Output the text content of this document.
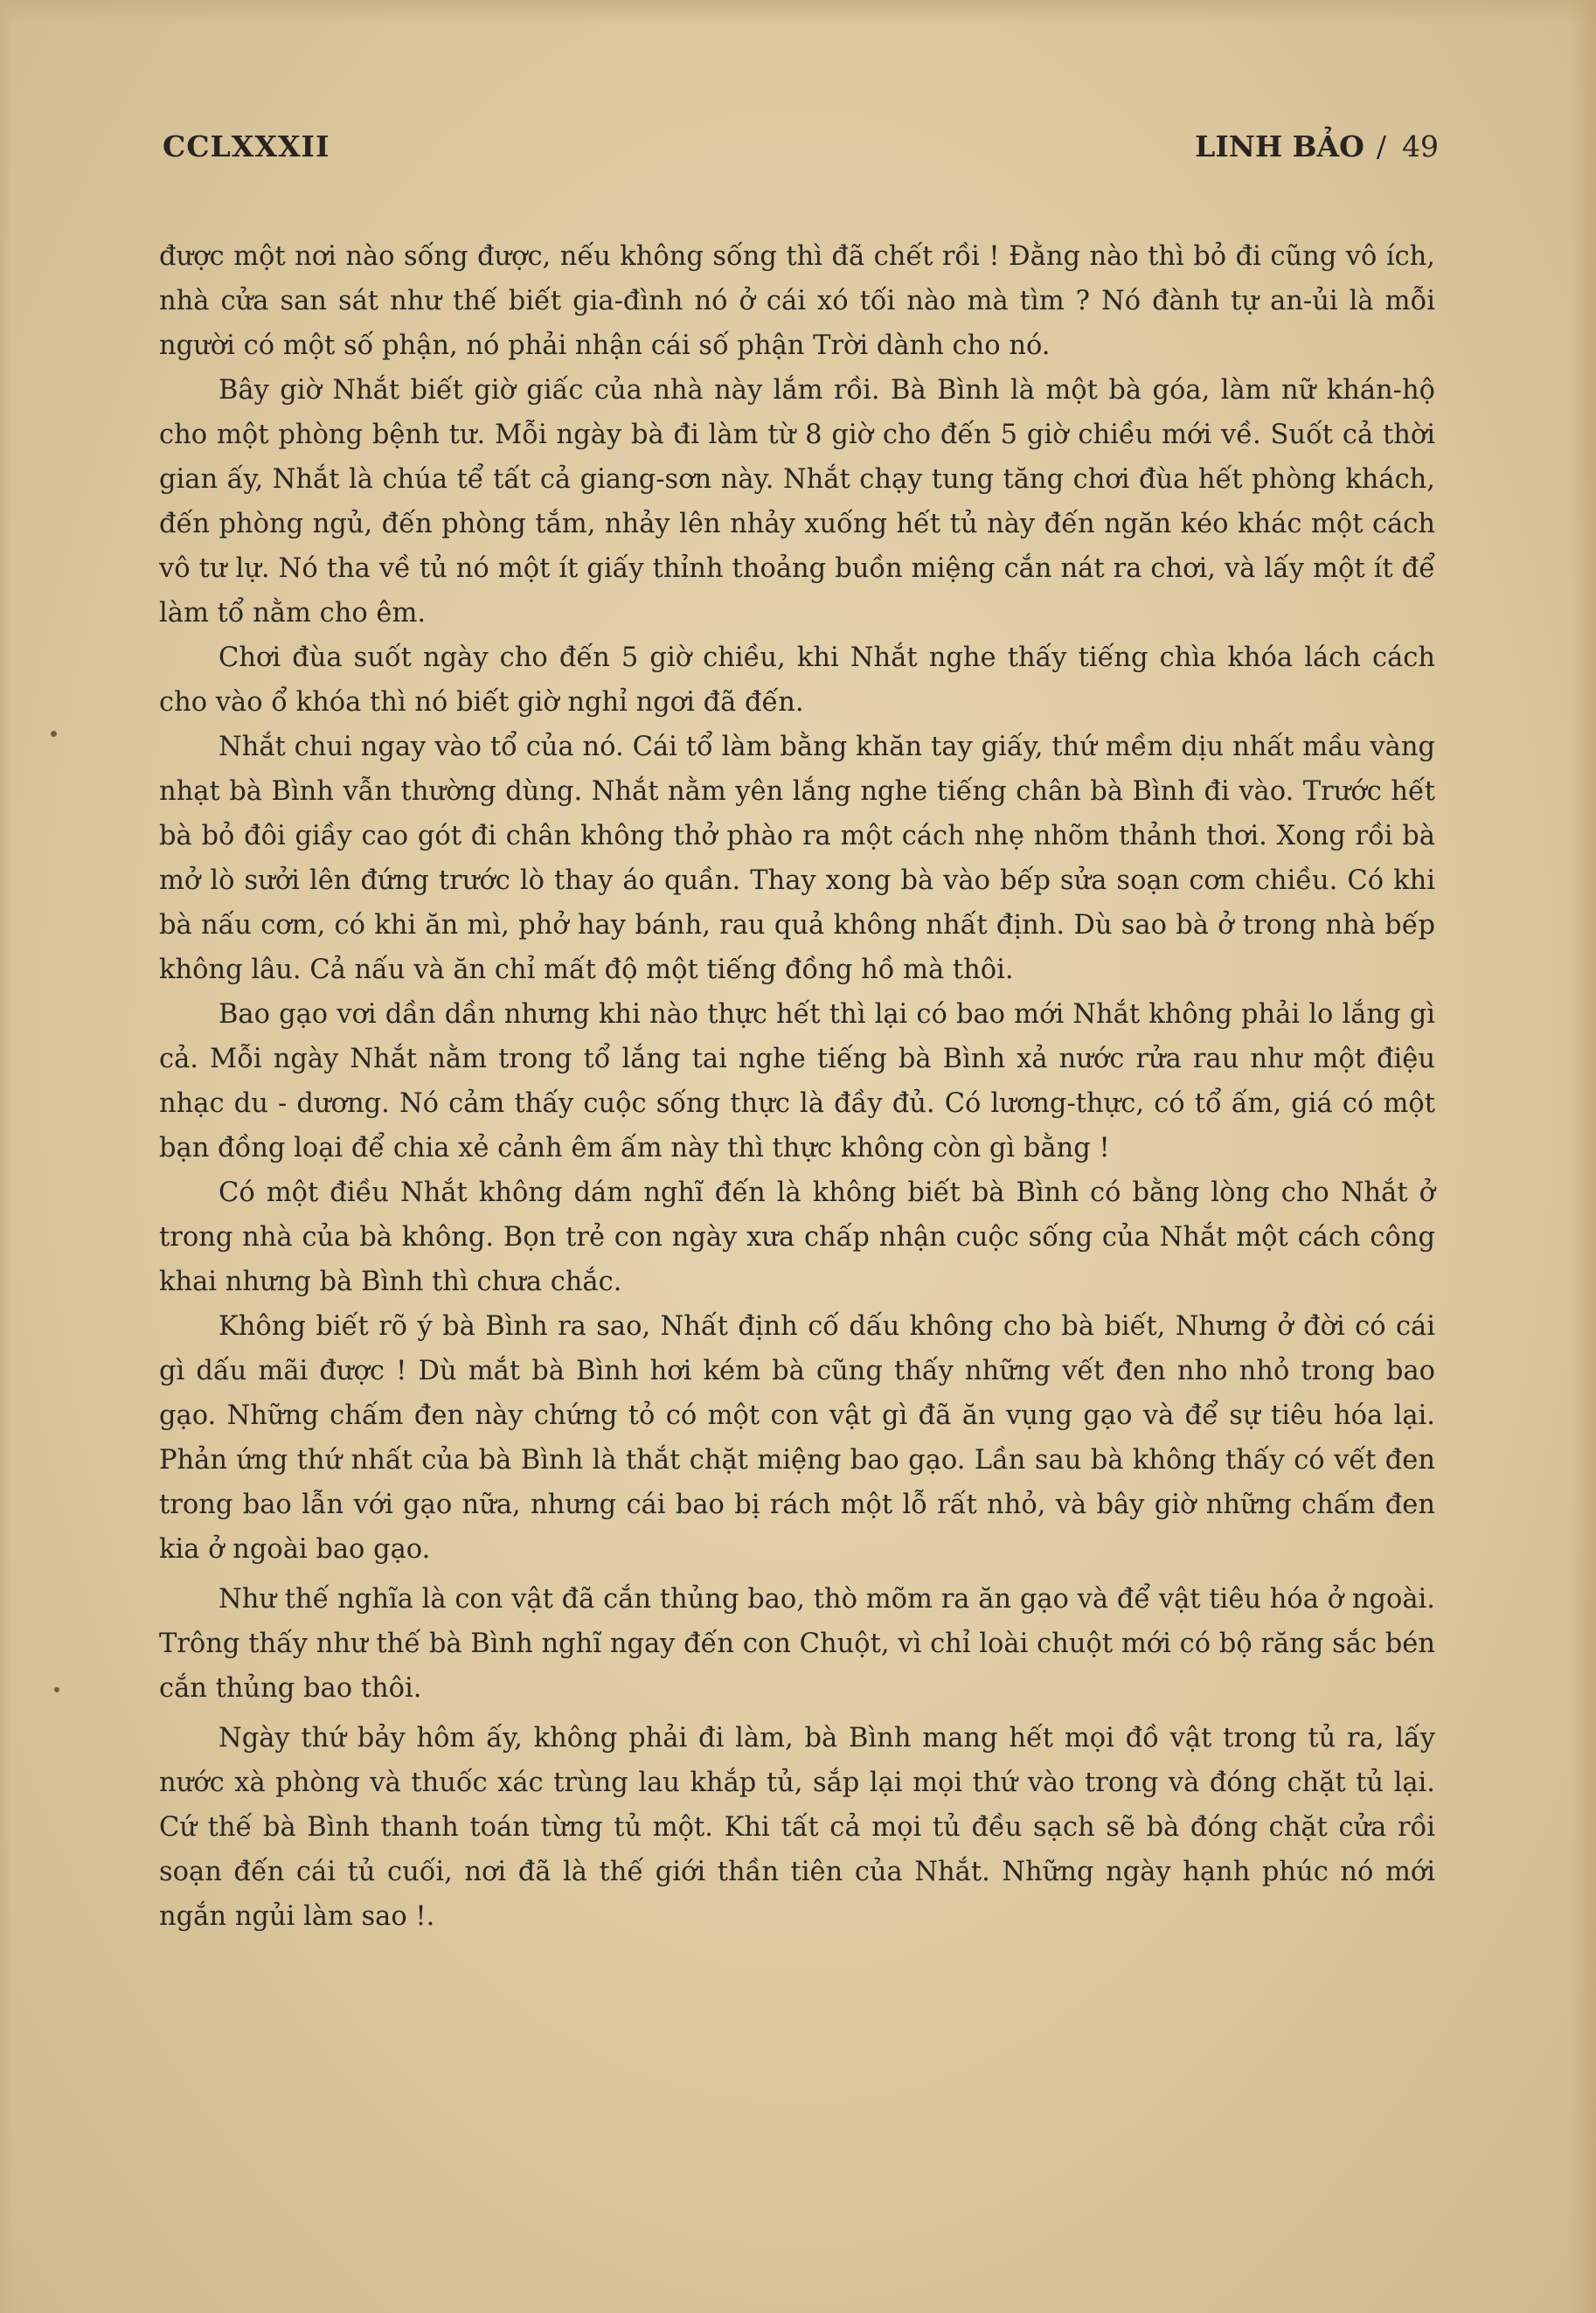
CCLXXXII	LINH BẢO / 49

được một nơi nào sống được, nếu không sống thì đã chết rồi ! Đằng nào thì bỏ đi cũng vô ích, nhà cửa san sát như thế biết gia-đình nó ở cái xó tối nào mà tìm ? Nó đành tự an-ủi là mỗi người có một số phận, nó phải nhận cái số phận Trời dành cho nó.

Bây giờ Nhắt biết giờ giấc của nhà này lắm rồi. Bà Bình là một bà góa, làm nữ khán-hộ cho một phòng bệnh tư. Mỗi ngày bà đi làm từ 8 giờ cho đến 5 giờ chiều mới về. Suốt cả thời gian ấy, Nhắt là chúa tể tất cả giang-sơn này. Nhắt chạy tung tăng chơi đùa hết phòng khách, đến phòng ngủ, đến phòng tắm, nhảy lên nhảy xuống hết tủ này đến ngăn kéo khác một cách vô tư lự. Nó tha về tủ nó một ít giấy thỉnh thoảng buồn miệng cắn nát ra chơi, và lấy một ít để làm tổ nằm cho êm.

Chơi đùa suốt ngày cho đến 5 giờ chiều, khi Nhắt nghe thấy tiếng chìa khóa lách cách cho vào ổ khóa thì nó biết giờ nghỉ ngơi đã đến.

Nhắt chui ngay vào tổ của nó. Cái tổ làm bằng khăn tay giấy, thứ mềm dịu nhất mầu vàng nhạt bà Bình vẫn thường dùng. Nhắt nằm yên lắng nghe tiếng chân bà Bình đi vào. Trước hết bà bỏ đôi giầy cao gót đi chân không thở phào ra một cách nhẹ nhõm thảnh thơi. Xong rồi bà mở lò sưởi lên đứng trước lò thay áo quần. Thay xong bà vào bếp sửa soạn cơm chiều. Có khi bà nấu cơm, có khi ăn mì, phở hay bánh, rau quả không nhất định. Dù sao bà ở trong nhà bếp không lâu. Cả nấu và ăn chỉ mất độ một tiếng đồng hồ mà thôi.

Bao gạo vơi dần dần nhưng khi nào thực hết thì lại có bao mới Nhắt không phải lo lắng gì cả. Mỗi ngày Nhắt nằm trong tổ lắng tai nghe tiếng bà Bình xả nước rửa rau như một điệu nhạc du - dương. Nó cảm thấy cuộc sống thực là đầy đủ. Có lương-thực, có tổ ấm, giá có một bạn đồng loại để chia xẻ cảnh êm ấm này thì thực không còn gì bằng !

Có một điều Nhắt không dám nghĩ đến là không biết bà Bình có bằng lòng cho Nhắt ở trong nhà của bà không. Bọn trẻ con ngày xưa chấp nhận cuộc sống của Nhắt một cách công khai nhưng bà Bình thì chưa chắc.

Không biết rõ ý bà Bình ra sao, Nhất định cố dấu không cho bà biết, Nhưng ở đời có cái gì dấu mãi được ! Dù mắt bà Bình hơi kém bà cũng thấy những vết đen nho nhỏ trong bao gạo. Những chấm đen này chứng tỏ có một con vật gì đã ăn vụng gạo và để sự tiêu hóa lại. Phản ứng thứ nhất của bà Bình là thắt chặt miệng bao gạo. Lần sau bà không thấy có vết đen trong bao lẫn với gạo nữa, nhưng cái bao bị rách một lỗ rất nhỏ, và bây giờ những chấm đen kia ở ngoài bao gạo.

Như thế nghĩa là con vật đã cắn thủng bao, thò mõm ra ăn gạo và để vật tiêu hóa ở ngoài. Trông thấy như thế bà Bình nghĩ ngay đến con Chuột, vì chỉ loài chuột mới có bộ răng sắc bén cắn thủng bao thôi.

Ngày thứ bảy hôm ấy, không phải đi làm, bà Bình mang hết mọi đồ vật trong tủ ra, lấy nước xà phòng và thuốc xác trùng lau khắp tủ, sắp lại mọi thứ vào trong và đóng chặt tủ lại. Cứ thế bà Bình thanh toán từng tủ một. Khi tất cả mọi tủ đều sạch sẽ bà đóng chặt cửa rồi soạn đến cái tủ cuối, nơi đã là thế giới thần tiên của Nhắt. Những ngày hạnh phúc nó mới ngắn ngủi làm sao !.
